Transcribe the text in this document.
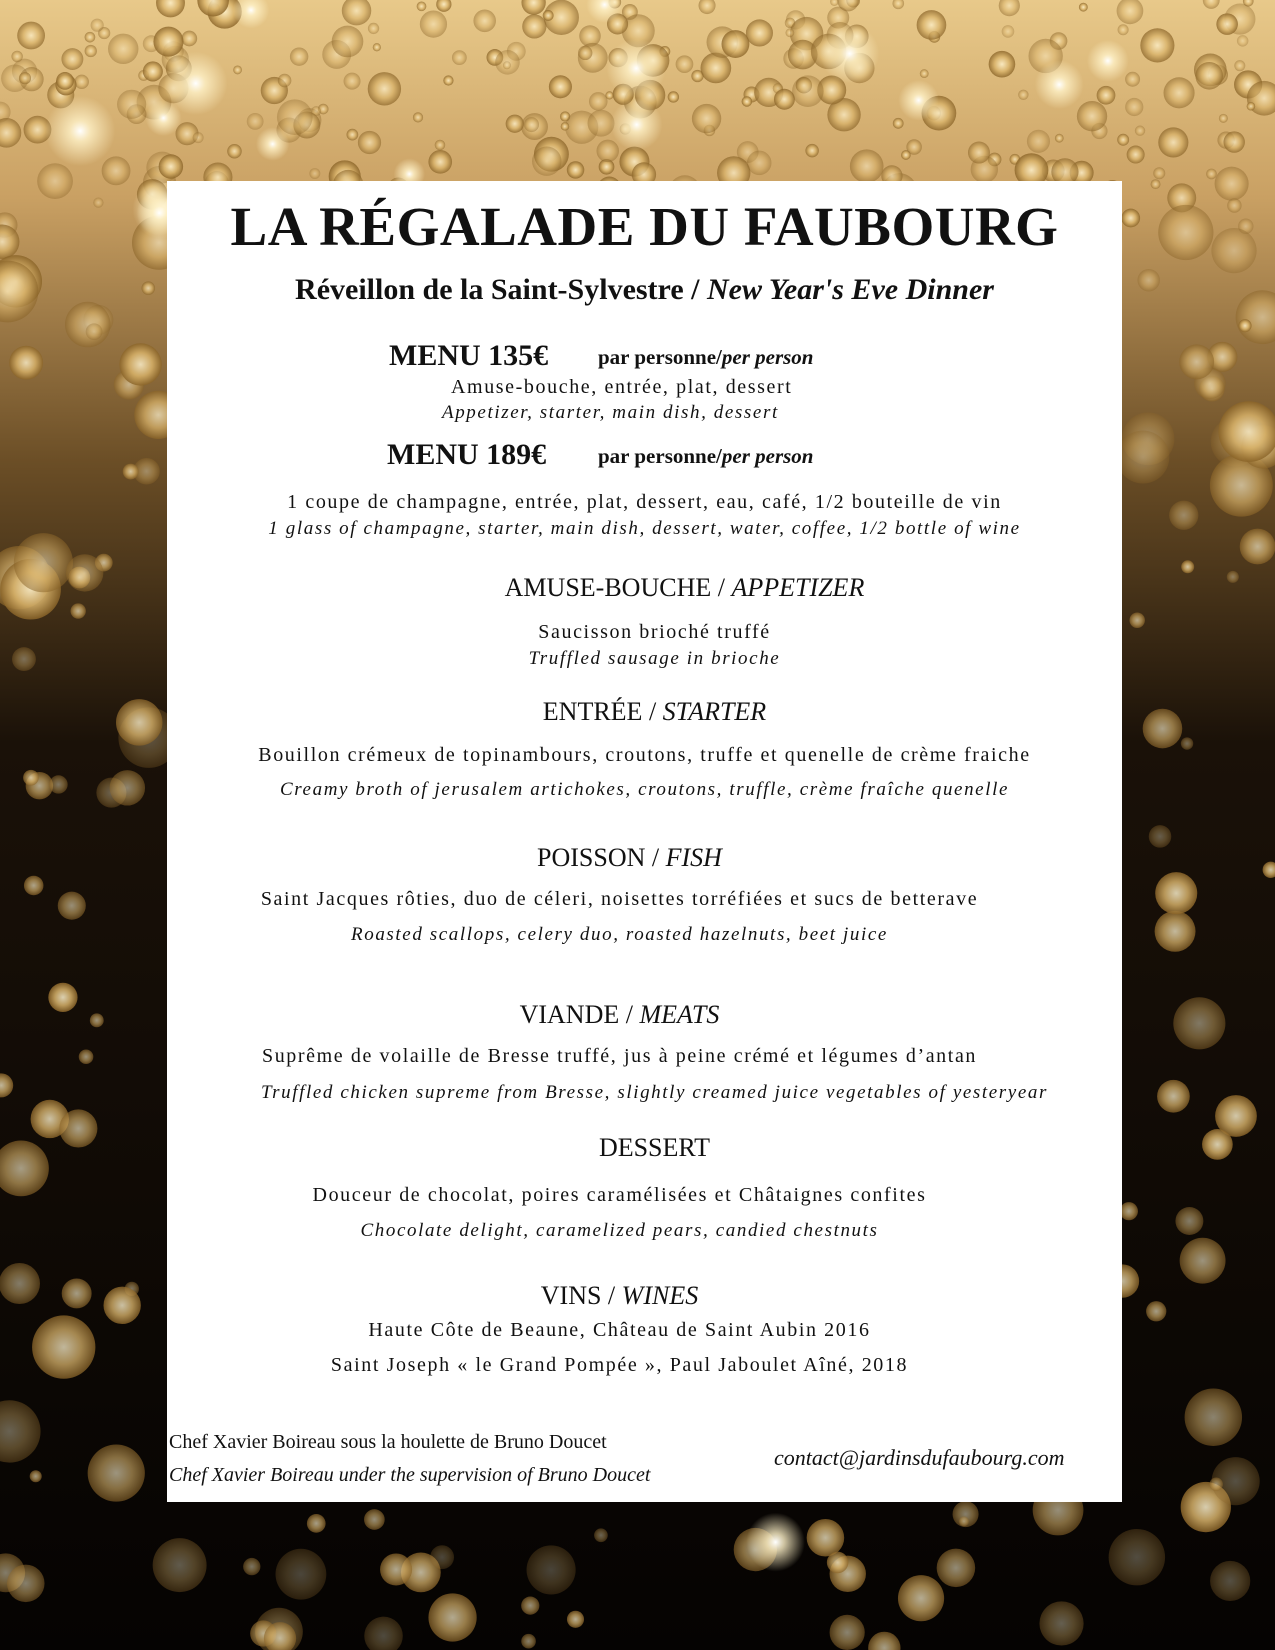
LA RÉGALADE DU FAUBOURG
Réveillon de la Saint-Sylvestre / New Year's Eve Dinner
MENU 135€ par personne/per person
Amuse-bouche, entrée, plat, dessert
Appetizer, starter, main dish, dessert
MENU 189€ par personne/per person
1 coupe de champagne, entrée, plat, dessert, eau, café, 1/2 bouteille de vin
1 glass of champagne, starter, main dish, dessert, water, coffee, 1/2 bottle of wine
AMUSE-BOUCHE / APPETIZER
Saucisson brioché truffé
Truffled sausage in brioche
ENTRÉE / STARTER
Bouillon crémeux de topinambours, croutons, truffe et quenelle de crème fraiche
Creamy broth of jerusalem artichokes, croutons, truffle, crème fraîche quenelle
POISSON / FISH
Saint Jacques rôties, duo de céleri, noisettes torréfiées et sucs de betterave
Roasted scallops, celery duo, roasted hazelnuts, beet juice
VIANDE / MEATS
Suprême de volaille de Bresse truffé, jus à peine crémé et légumes d’antan
Truffled chicken supreme from Bresse, slightly creamed juice vegetables of yesteryear
DESSERT
Douceur de chocolat, poires caramélisées et Châtaignes confites
Chocolate delight, caramelized pears, candied chestnuts
VINS / WINES
Haute Côte de Beaune, Château de Saint Aubin 2016
Saint Joseph « le Grand Pompée », Paul Jaboulet Aîné, 2018
Chef Xavier Boireau sous la houlette de Bruno Doucet
Chef Xavier Boireau under the supervision of Bruno Doucet
contact@jardinsdufaubourg.com
